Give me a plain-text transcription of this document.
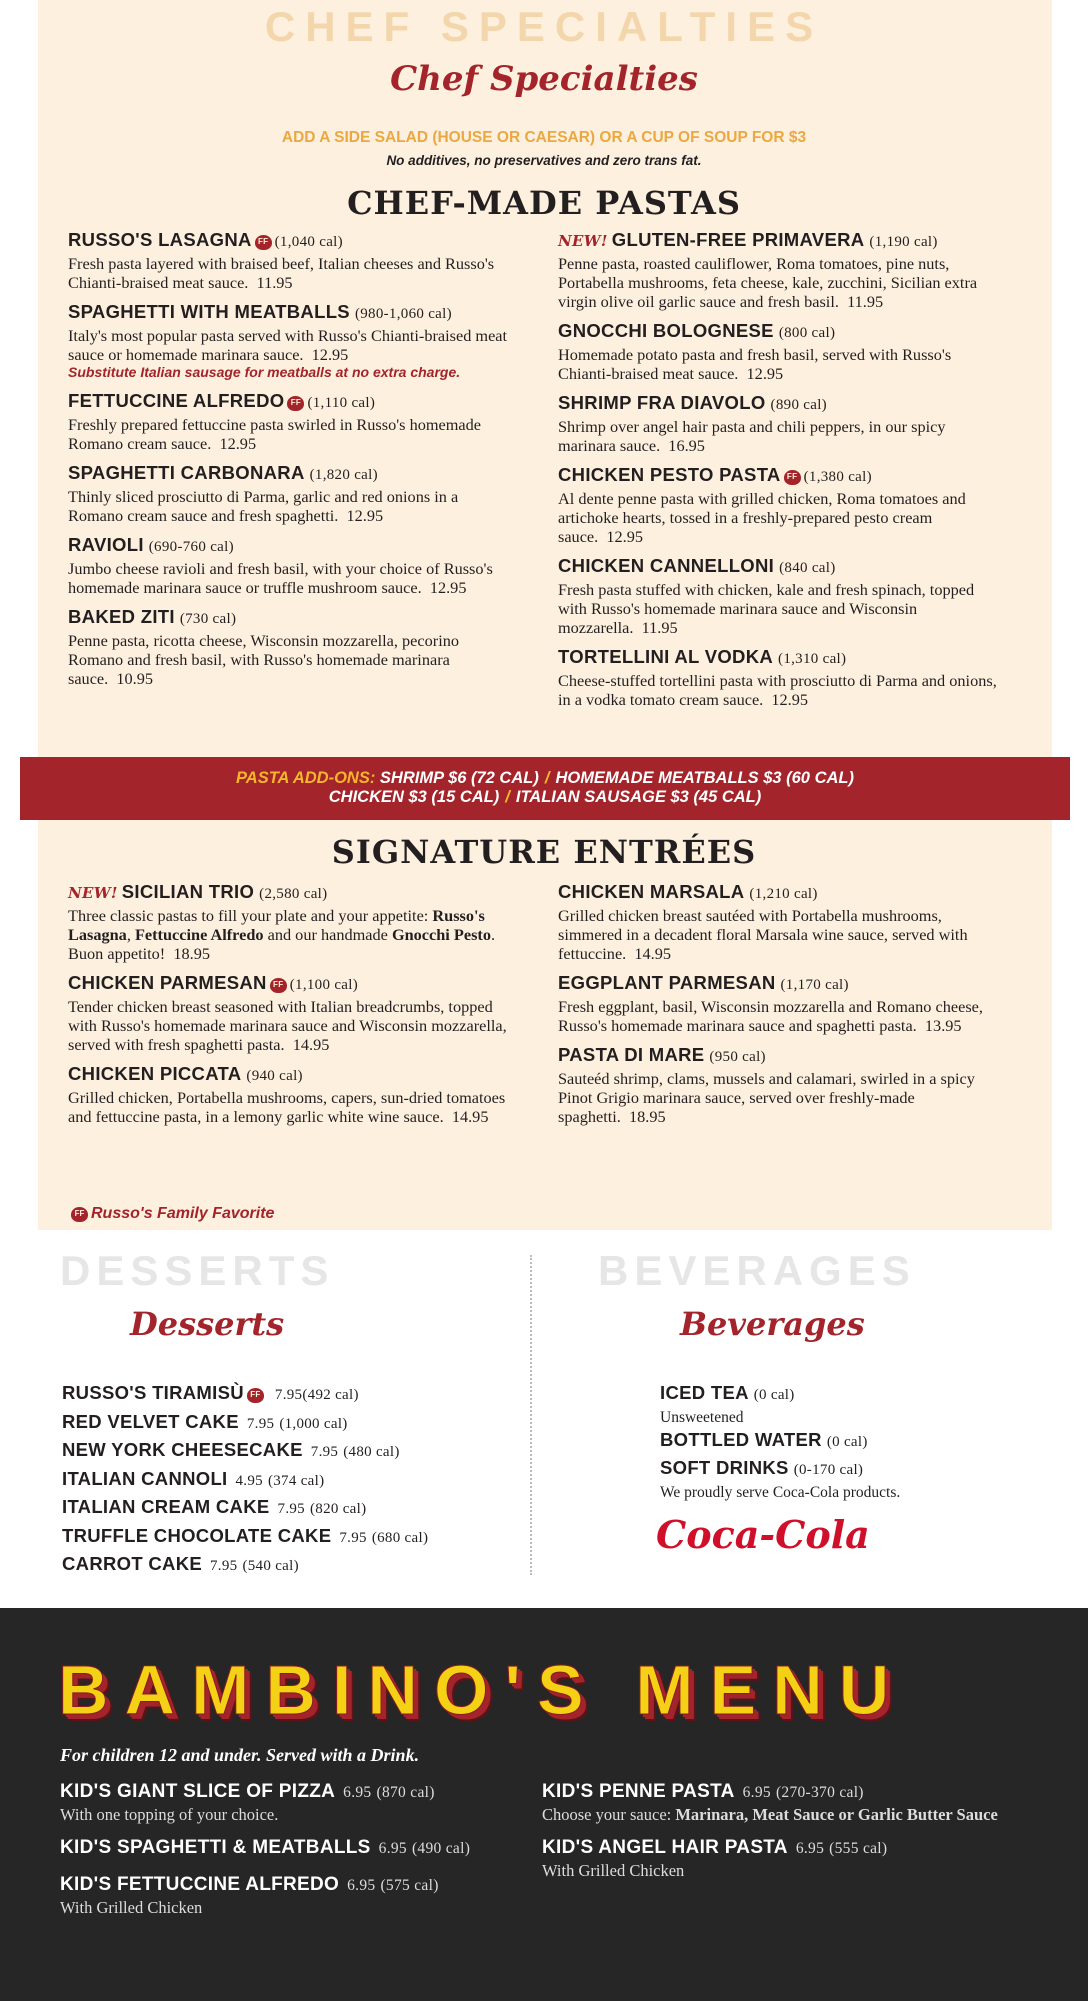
CHEF SPECIALTIES
Chef Specialties
ADD A SIDE SALAD (HOUSE OR CAESAR) OR A CUP OF SOUP FOR $3
No additives, no preservatives and zero trans fat.
CHEF-MADE PASTAS
RUSSO'S LASAGNA FF (1,040 cal)
Fresh pasta layered with braised beef, Italian cheeses and Russo's Chianti-braised meat sauce. 11.95
SPAGHETTI WITH MEATBALLS (980-1,060 cal)
Italy's most popular pasta served with Russo's Chianti-braised meat sauce or homemade marinara sauce. 12.95
Substitute Italian sausage for meatballs at no extra charge.
FETTUCCINE ALFREDO FF (1,110 cal)
Freshly prepared fettuccine pasta swirled in Russo's homemade Romano cream sauce. 12.95
SPAGHETTI CARBONARA (1,820 cal)
Thinly sliced prosciutto di Parma, garlic and red onions in a Romano cream sauce and fresh spaghetti. 12.95
RAVIOLI (690-760 cal)
Jumbo cheese ravioli and fresh basil, with your choice of Russo's homemade marinara sauce or truffle mushroom sauce. 12.95
BAKED ZITI (730 cal)
Penne pasta, ricotta cheese, Wisconsin mozzarella, pecorino Romano and fresh basil, with Russo's homemade marinara sauce. 10.95
NEW! GLUTEN-FREE PRIMAVERA (1,190 cal)
Penne pasta, roasted cauliflower, Roma tomatoes, pine nuts, Portabella mushrooms, feta cheese, kale, zucchini, Sicilian extra virgin olive oil garlic sauce and fresh basil. 11.95
GNOCCHI BOLOGNESE (800 cal)
Homemade potato pasta and fresh basil, served with Russo's Chianti-braised meat sauce. 12.95
SHRIMP FRA DIAVOLO (890 cal)
Shrimp over angel hair pasta and chili peppers, in our spicy marinara sauce. 16.95
CHICKEN PESTO PASTA FF (1,380 cal)
Al dente penne pasta with grilled chicken, Roma tomatoes and artichoke hearts, tossed in a freshly-prepared pesto cream sauce. 12.95
CHICKEN CANNELLONI (840 cal)
Fresh pasta stuffed with chicken, kale and fresh spinach, topped with Russo's homemade marinara sauce and Wisconsin mozzarella. 11.95
TORTELLINI AL VODKA (1,310 cal)
Cheese-stuffed tortellini pasta with prosciutto di Parma and onions, in a vodka tomato cream sauce. 12.95
PASTA ADD-ONS: SHRIMP $6 (72 CAL) / HOMEMADE MEATBALLS $3 (60 CAL)
CHICKEN $3 (15 CAL) / ITALIAN SAUSAGE $3 (45 CAL)
SIGNATURE ENTRÉES
NEW! SICILIAN TRIO (2,580 cal)
Three classic pastas to fill your plate and your appetite: Russo's Lasagna, Fettuccine Alfredo and our handmade Gnocchi Pesto. Buon appetito! 18.95
CHICKEN PARMESAN FF (1,100 cal)
Tender chicken breast seasoned with Italian breadcrumbs, topped with Russo's homemade marinara sauce and Wisconsin mozzarella, served with fresh spaghetti pasta. 14.95
CHICKEN PICCATA (940 cal)
Grilled chicken, Portabella mushrooms, capers, sun-dried tomatoes and fettuccine pasta, in a lemony garlic white wine sauce. 14.95
CHICKEN MARSALA (1,210 cal)
Grilled chicken breast sautéed with Portabella mushrooms, simmered in a decadent floral Marsala wine sauce, served with fettuccine. 14.95
EGGPLANT PARMESAN (1,170 cal)
Fresh eggplant, basil, Wisconsin mozzarella and Romano cheese, Russo's homemade marinara sauce and spaghetti pasta. 13.95
PASTA DI MARE (950 cal)
Sauteéd shrimp, clams, mussels and calamari, swirled in a spicy Pinot Grigio marinara sauce, served over freshly-made spaghetti. 18.95
FF Russo's Family Favorite
DESSERTS
Desserts
RUSSO'S TIRAMISÙ FF 7.95(492 cal)
RED VELVET CAKE 7.95 (1,000 cal)
NEW YORK CHEESECAKE 7.95 (480 cal)
ITALIAN CANNOLI 4.95 (374 cal)
ITALIAN CREAM CAKE 7.95 (820 cal)
TRUFFLE CHOCOLATE CAKE 7.95 (680 cal)
CARROT CAKE 7.95 (540 cal)
BEVERAGES
Beverages
ICED TEA (0 cal)
Unsweetened
BOTTLED WATER (0 cal)
SOFT DRINKS (0-170 cal)
We proudly serve Coca-Cola products.
Coca-Cola
BAMBINO'S MENU
For children 12 and under. Served with a Drink.
KID'S GIANT SLICE OF PIZZA 6.95 (870 cal)
With one topping of your choice.
KID'S SPAGHETTI & MEATBALLS 6.95 (490 cal)
KID'S FETTUCCINE ALFREDO 6.95 (575 cal)
With Grilled Chicken
KID'S PENNE PASTA 6.95 (270-370 cal)
Choose your sauce: Marinara, Meat Sauce or Garlic Butter Sauce
KID'S ANGEL HAIR PASTA 6.95 (555 cal)
With Grilled Chicken
